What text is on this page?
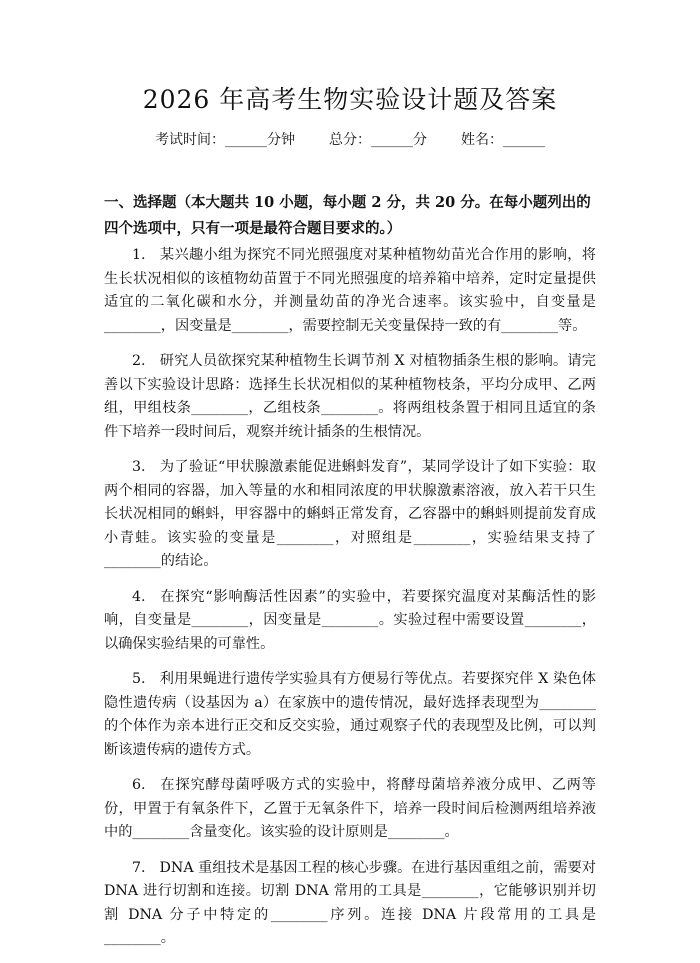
2026 年高考生物实验设计题及答案
考试时间：______分钟 总分：______分 姓名：______
一、选择题（本大题共 10 小题，每小题 2 分，共 20 分。在每小题列出的四个选项中，只有一项是最符合题目要求的。）

1. 某兴趣小组为探究不同光照强度对某种植物幼苗光合作用的影响，将生长状况相似的该植物幼苗置于不同光照强度的培养箱中培养，定时定量提供适宜的二氧化碳和水分，并测量幼苗的净光合速率。该实验中，自变量是________，因变量是________，需要控制无关变量保持一致的有________等。

2. 研究人员欲探究某种植物生长调节剂 X 对植物插条生根的影响。请完善以下实验设计思路：选择生长状况相似的某种植物枝条，平均分成甲、乙两组，甲组枝条________，乙组枝条________。将两组枝条置于相同且适宜的条件下培养一段时间后，观察并统计插条的生根情况。

3. 为了验证“甲状腺激素能促进蝌蚪发育”，某同学设计了如下实验：取两个相同的容器，加入等量的水和相同浓度的甲状腺激素溶液，放入若干只生长状况相同的蝌蚪，甲容器中的蝌蚪正常发育，乙容器中的蝌蚪则提前发育成小青蛙。该实验的变量是________，对照组是________，实验结果支持了________的结论。

4. 在探究“影响酶活性因素”的实验中，若要探究温度对某酶活性的影响，自变量是________，因变量是________。实验过程中需要设置________，以确保实验结果的可靠性。

5. 利用果蝇进行遗传学实验具有方便易行等优点。若要探究伴 X 染色体隐性遗传病（设基因为 a）在家族中的遗传情况，最好选择表现型为________的个体作为亲本进行正交和反交实验，通过观察子代的表现型及比例，可以判断该遗传病的遗传方式。

6. 在探究酵母菌呼吸方式的实验中，将酵母菌培养液分成甲、乙两等份，甲置于有氧条件下，乙置于无氧条件下，培养一段时间后检测两组培养液中的________含量变化。该实验的设计原则是________。

7. DNA 重组技术是基因工程的核心步骤。在进行基因重组之前，需要对 DNA 进行切割和连接。切割 DNA 常用的工具是________，它能够识别并切割 DNA 分子中特定的________序列。连接 DNA 片段常用的工具是________。
